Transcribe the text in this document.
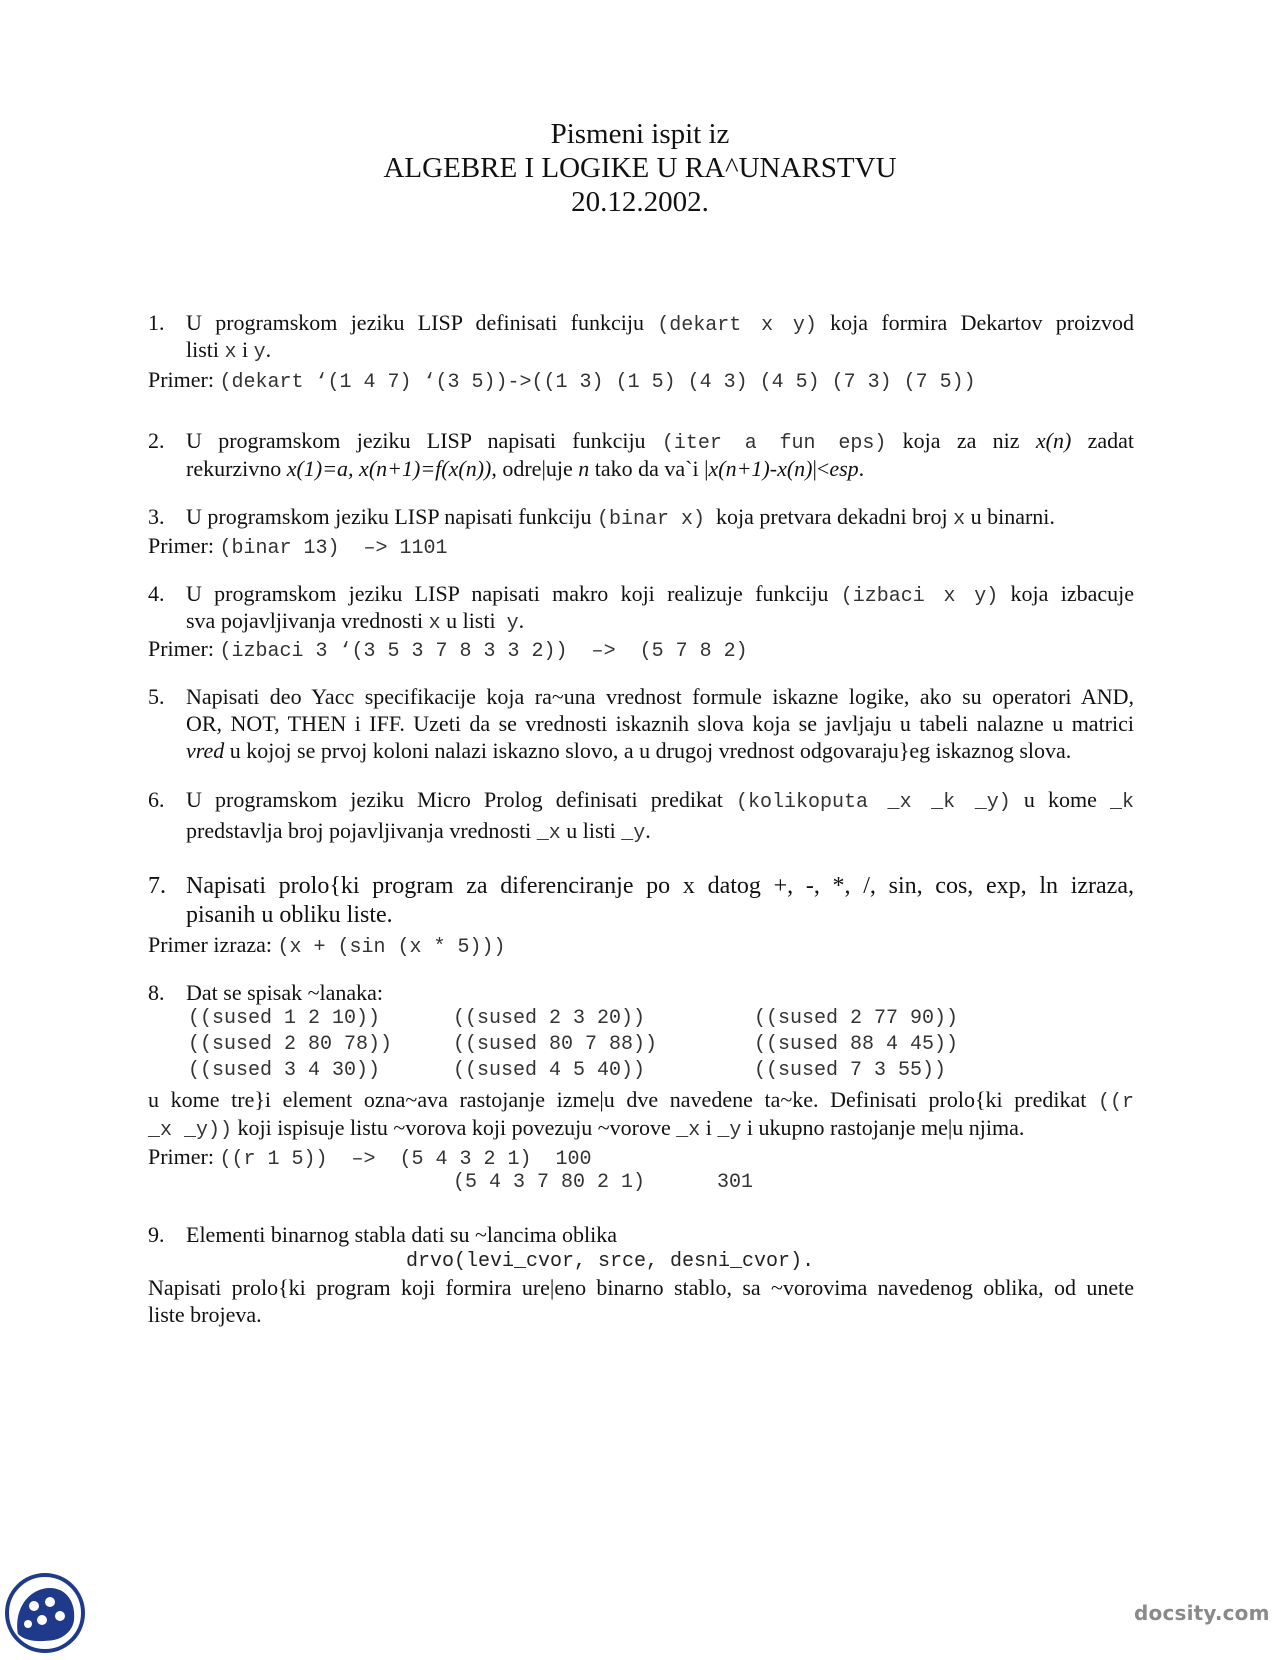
Pismeni ispit iz
ALGEBRE I LOGIKE U RA^UNARSTVU
20.12.2002.
1. U programskom jeziku LISP definisati funkciju (dekart x y) koja formira Dekartov proizvod
listi x i y.
Primer: (dekart ‘(1 4 7) ‘(3 5))->((1 3) (1 5) (4 3) (4 5) (7 3) (7 5))
2. U programskom jeziku LISP napisati funkciju (iter a fun eps) koja za niz x(n) zadat
rekurzivno x(1)=a, x(n+1)=f(x(n)), odre|uje n tako da va`i |x(n+1)-x(n)|<esp.
3. U programskom jeziku LISP napisati funkciju (binar x)  koja pretvara dekadni broj x u binarni.
Primer: (binar 13)  –> 1101
4. U programskom jeziku LISP napisati makro koji realizuje funkciju (izbaci x y) koja izbacuje
sva pojavljivanja vrednosti x u listi  y.
Primer: (izbaci 3 ‘(3 5 3 7 8 3 3 2))  –>  (5 7 8 2)
5. Napisati deo Yacc specifikacije koja ra~una vrednost formule iskazne logike, ako su operatori AND,
OR, NOT, THEN i IFF. Uzeti da se vrednosti iskaznih slova koja se javljaju u tabeli nalazne u matrici
vred u kojoj se prvoj koloni nalazi iskazno slovo, a u drugoj vrednost odgovaraju}eg iskaznog slova.
6. U programskom jeziku Micro Prolog definisati predikat (kolikoputa _x _k _y) u kome _k
predstavlja broj pojavljivanja vrednosti _x u listi _y.
7. Napisati prolo{ki program za diferenciranje po x datog +, -, *, /, sin, cos, exp, ln izraza,
pisanih u obliku liste.
Primer izraza: (x + (sin (x * 5)))
8. Dat se spisak ~lanaka:
((sused 1 2 10))	((sused 2 3 20))	((sused 2 77 90))
((sused 2 80 78))	((sused 80 7 88))	((sused 88 4 45))
((sused 3 4 30))	((sused 4 5 40))	((sused 7 3 55))
u kome tre}i element ozna~ava rastojanje izme|u dve navedene ta~ke. Definisati prolo{ki predikat ((r
_x _y)) koji ispisuje listu ~vorova koji povezuju ~vorove _x i _y i ukupno rastojanje me|u njima.
Primer: ((r 1 5))  –>  (5 4 3 2 1)  100
(5 4 3 7 80 2 1)      301
9. Elementi binarnog stabla dati su ~lancima oblika
drvo(levi_cvor, srce, desni_cvor).
Napisati prolo{ki program koji formira ure|eno binarno stablo, sa ~vorovima navedenog oblika, od unete
liste brojeva.
docsity.com
